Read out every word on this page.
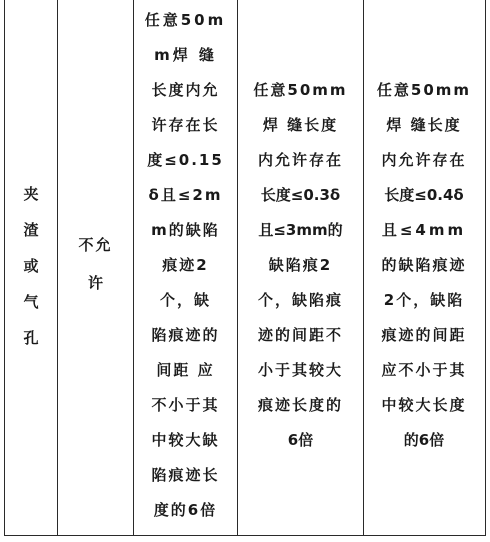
夹
渣
或
气
孔
不允
许
任意50m
m焊 缝
长度内允
许存在长
度≤0.15
δ且≤2m
m的缺陷
痕迹2
个，缺
陷痕迹的
间距 应
不小于其
中较大缺
陷痕迹长
度的6倍
任意50mm
焊 缝长度
内允许存在
长度≤0.3δ
且≤3mm的
缺陷痕2
个，缺陷痕
迹的间距不
小于其较大
痕迹长度的
6倍
任意50mm
焊 缝长度
内允许存在
长度≤0.4δ
且≤4mm
的缺陷痕迹
2个，缺陷
痕迹的间距
应不小于其
中较大长度
的6倍
